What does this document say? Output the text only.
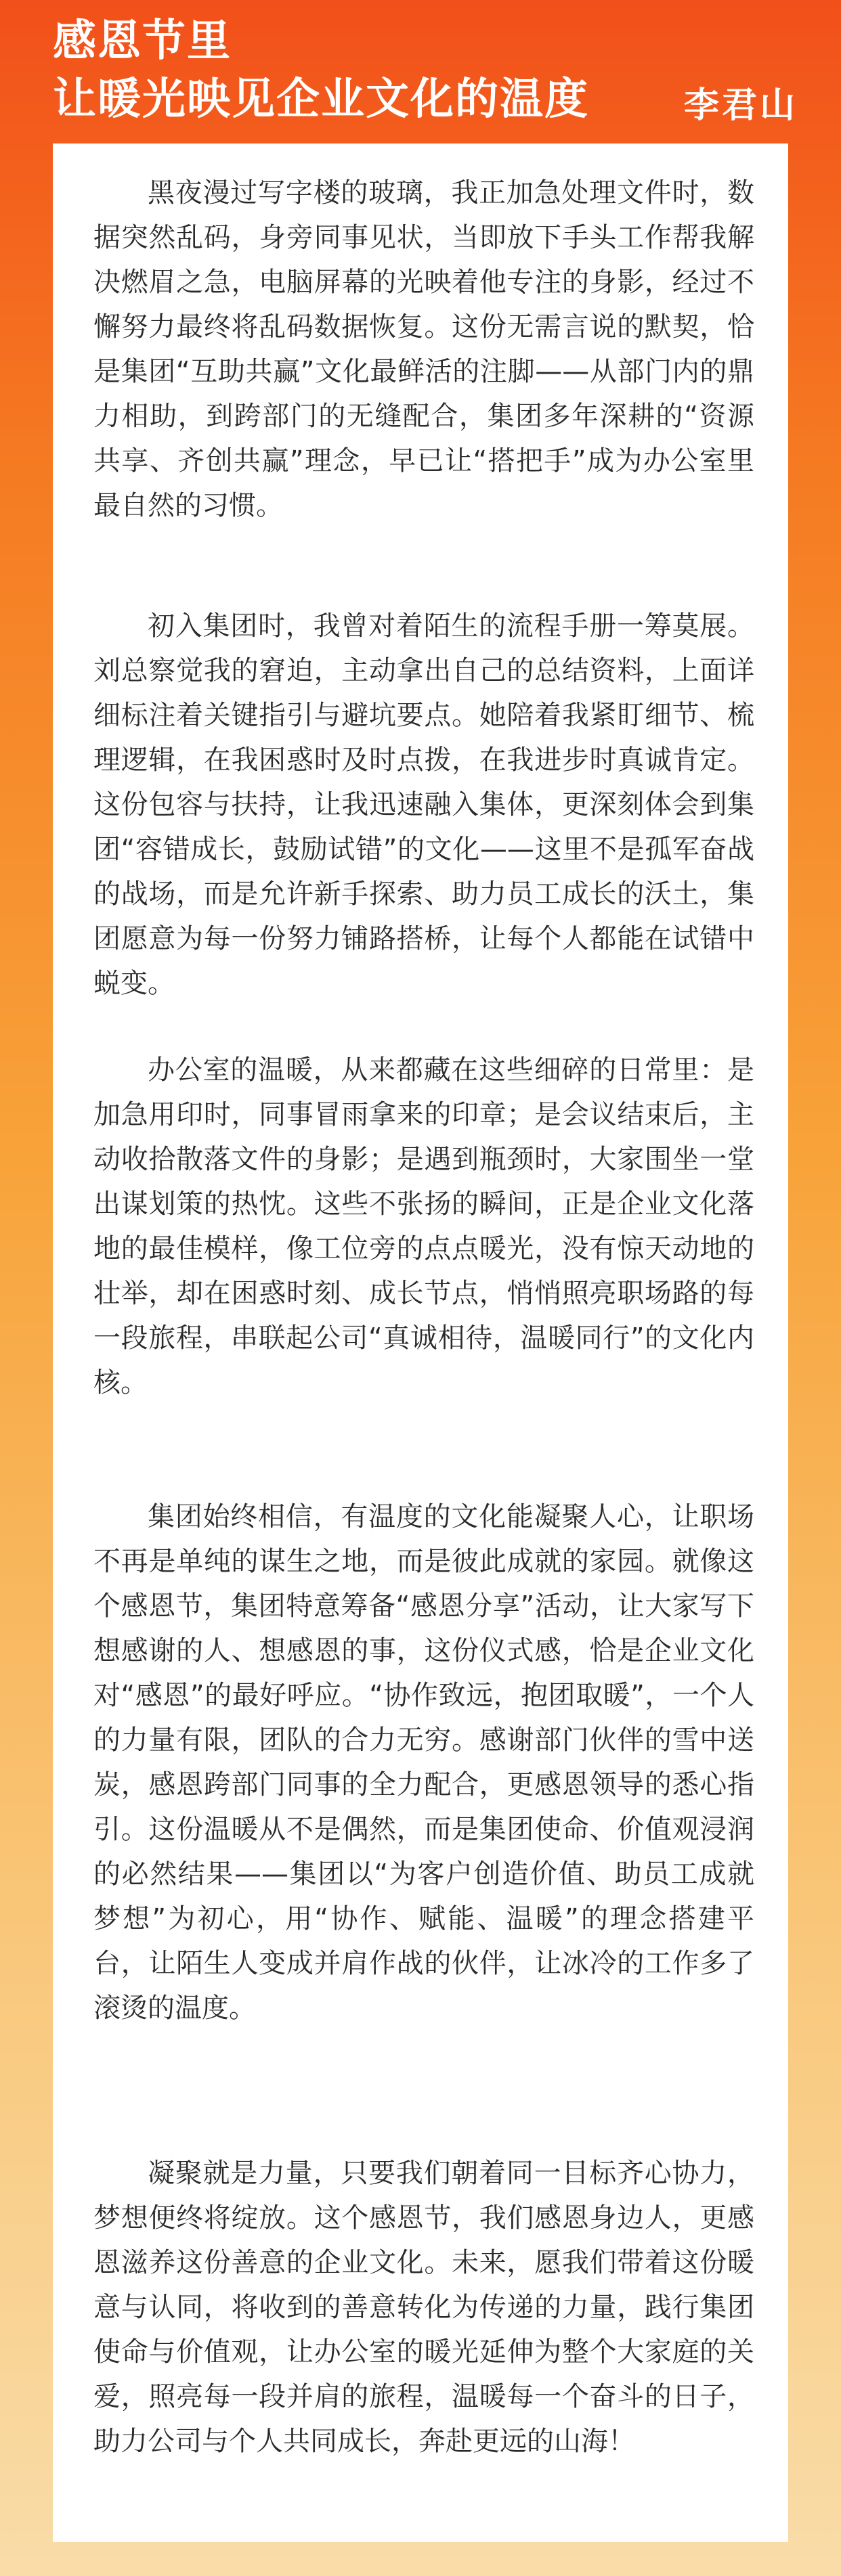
感恩节里
让暖光映见企业文化的温度	李君山

黑夜漫过写字楼的玻璃，我正加急处理文件时，数据突然乱码，身旁同事见状，当即放下手头工作帮我解决燃眉之急，电脑屏幕的光映着他专注的身影，经过不懈努力最终将乱码数据恢复。这份无需言说的默契，恰是集团“互助共赢”文化最鲜活的注脚——从部门内的鼎力相助，到跨部门的无缝配合，集团多年深耕的“资源共享、齐创共赢”理念，早已让“搭把手”成为办公室里最自然的习惯。

初入集团时，我曾对着陌生的流程手册一筹莫展。刘总察觉我的窘迫，主动拿出自己的总结资料，上面详细标注着关键指引与避坑要点。她陪着我紧盯细节、梳理逻辑，在我困惑时及时点拨，在我进步时真诚肯定。这份包容与扶持，让我迅速融入集体，更深刻体会到集团“容错成长，鼓励试错”的文化——这里不是孤军奋战的战场，而是允许新手探索、助力员工成长的沃土，集团愿意为每一份努力铺路搭桥，让每个人都能在试错中蜕变。

办公室的温暖，从来都藏在这些细碎的日常里：是加急用印时，同事冒雨拿来的印章；是会议结束后，主动收拾散落文件的身影；是遇到瓶颈时，大家围坐一堂出谋划策的热忱。这些不张扬的瞬间，正是企业文化落地的最佳模样，像工位旁的点点暖光，没有惊天动地的壮举，却在困惑时刻、成长节点，悄悄照亮职场路的每一段旅程，串联起公司“真诚相待，温暖同行”的文化内核。

集团始终相信，有温度的文化能凝聚人心，让职场不再是单纯的谋生之地，而是彼此成就的家园。就像这个感恩节，集团特意筹备“感恩分享”活动，让大家写下想感谢的人、想感恩的事，这份仪式感，恰是企业文化对“感恩”的最好呼应。“协作致远，抱团取暖”，一个人的力量有限，团队的合力无穷。感谢部门伙伴的雪中送炭，感恩跨部门同事的全力配合，更感恩领导的悉心指引。这份温暖从不是偶然，而是集团使命、价值观浸润的必然结果——集团以“为客户创造价值、助员工成就梦想”为初心，用“协作、赋能、温暖”的理念搭建平台，让陌生人变成并肩作战的伙伴，让冰冷的工作多了滚烫的温度。

凝聚就是力量，只要我们朝着同一目标齐心协力，梦想便终将绽放。这个感恩节，我们感恩身边人，更感恩滋养这份善意的企业文化。未来，愿我们带着这份暖意与认同，将收到的善意转化为传递的力量，践行集团使命与价值观，让办公室的暖光延伸为整个大家庭的关爱，照亮每一段并肩的旅程，温暖每一个奋斗的日子，助力公司与个人共同成长，奔赴更远的山海！
